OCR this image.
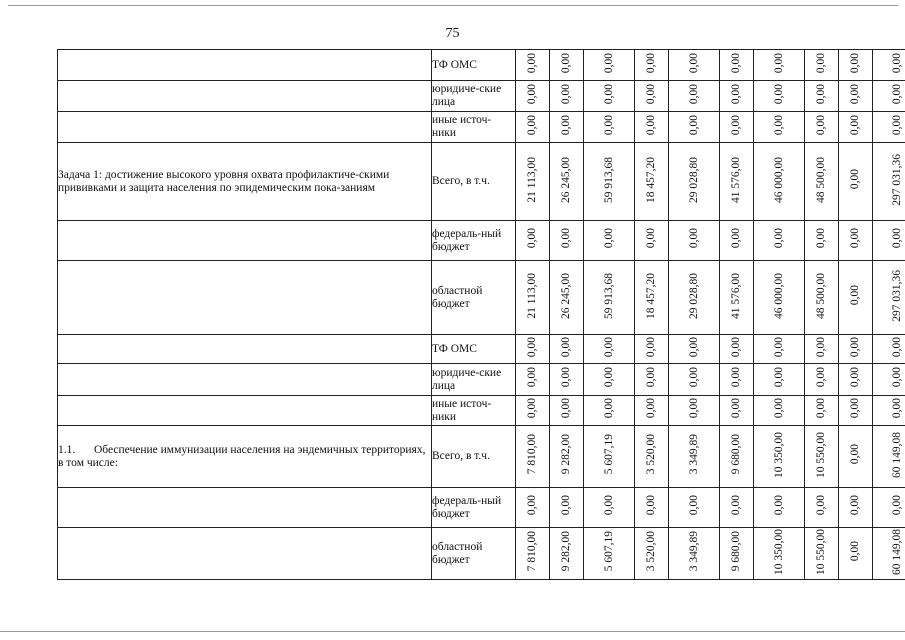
75
	ТФ ОМС	0,00	0,00	0,00	0,00	0,00	0,00	0,00	0,00	0,00	0,00
	юридиче-ские лица	0,00	0,00	0,00	0,00	0,00	0,00	0,00	0,00	0,00	0,00
	иные источ-ники	0,00	0,00	0,00	0,00	0,00	0,00	0,00	0,00	0,00	0,00
Задача 1: достижение высокого уровня охвата профилактиче-скими прививками и защита населения по эпидемическим пока-заниям	Всего, в т.ч.	21 113,00	26 245,00	59 913,68	18 457,20	29 028,80	41 576,00	46 000,00	48 500,00	0,00	297 031,36
	федераль-ный бюджет	0,00	0,00	0,00	0,00	0,00	0,00	0,00	0,00	0,00	0,00
	областной бюджет	21 113,00	26 245,00	59 913,68	18 457,20	29 028,80	41 576,00	46 000,00	48 500,00	0,00	297 031,36
	ТФ ОМС	0,00	0,00	0,00	0,00	0,00	0,00	0,00	0,00	0,00	0,00
	юридиче-ские лица	0,00	0,00	0,00	0,00	0,00	0,00	0,00	0,00	0,00	0,00
	иные источ-ники	0,00	0,00	0,00	0,00	0,00	0,00	0,00	0,00	0,00	0,00
1.1. Обеспечение иммунизации населения на эндемичных территориях, в том числе:	Всего, в т.ч.	7 810,00	9 282,00	5 607,19	3 520,00	3 349,89	9 680,00	10 350,00	10 550,00	0,00	60 149,08
	федераль-ный бюджет	0,00	0,00	0,00	0,00	0,00	0,00	0,00	0,00	0,00	0,00
	областной бюджет	7 810,00	9 282,00	5 607,19	3 520,00	3 349,89	9 680,00	10 350,00	10 550,00	0,00	60 149,08
